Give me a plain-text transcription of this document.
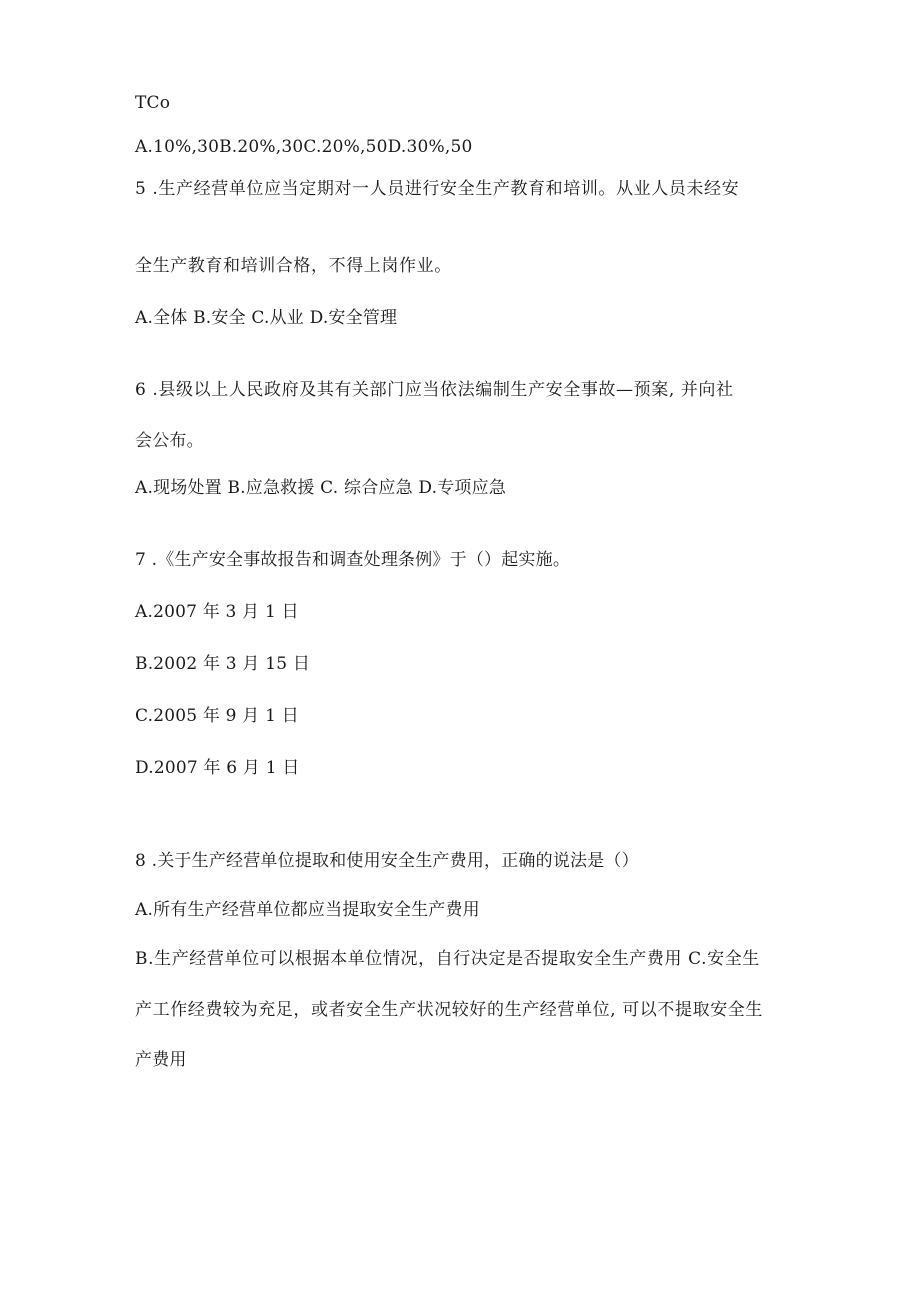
TCo
A.10%,30B.20%,30C.20%,50D.30%,50
5 .生产经营单位应当定期对一人员进行安全生产教育和培训。从业人员未经安
全生产教育和培训合格，不得上岗作业。
A.全体 B.安全 C.从业 D.安全管理
6 .县级以上人民政府及其有关部门应当依法编制生产安全事故—预案, 并向社
会公布。
A.现场处置 B.应急救援 C. 综合应急 D.专项应急
7 .《生产安全事故报告和调查处理条例》于（）起实施。
A.2007 年 3 月 1 日
B.2002 年 3 月 15 日
C.2005 年 9 月 1 日
D.2007 年 6 月 1 日
8 .关于生产经营单位提取和使用安全生产费用，正确的说法是（）
A.所有生产经营单位都应当提取安全生产费用
B.生产经营单位可以根据本单位情况，自行决定是否提取安全生产费用 C.安全生
产工作经费较为充足，或者安全生产状况较好的生产经营单位, 可以不提取安全生
产费用
